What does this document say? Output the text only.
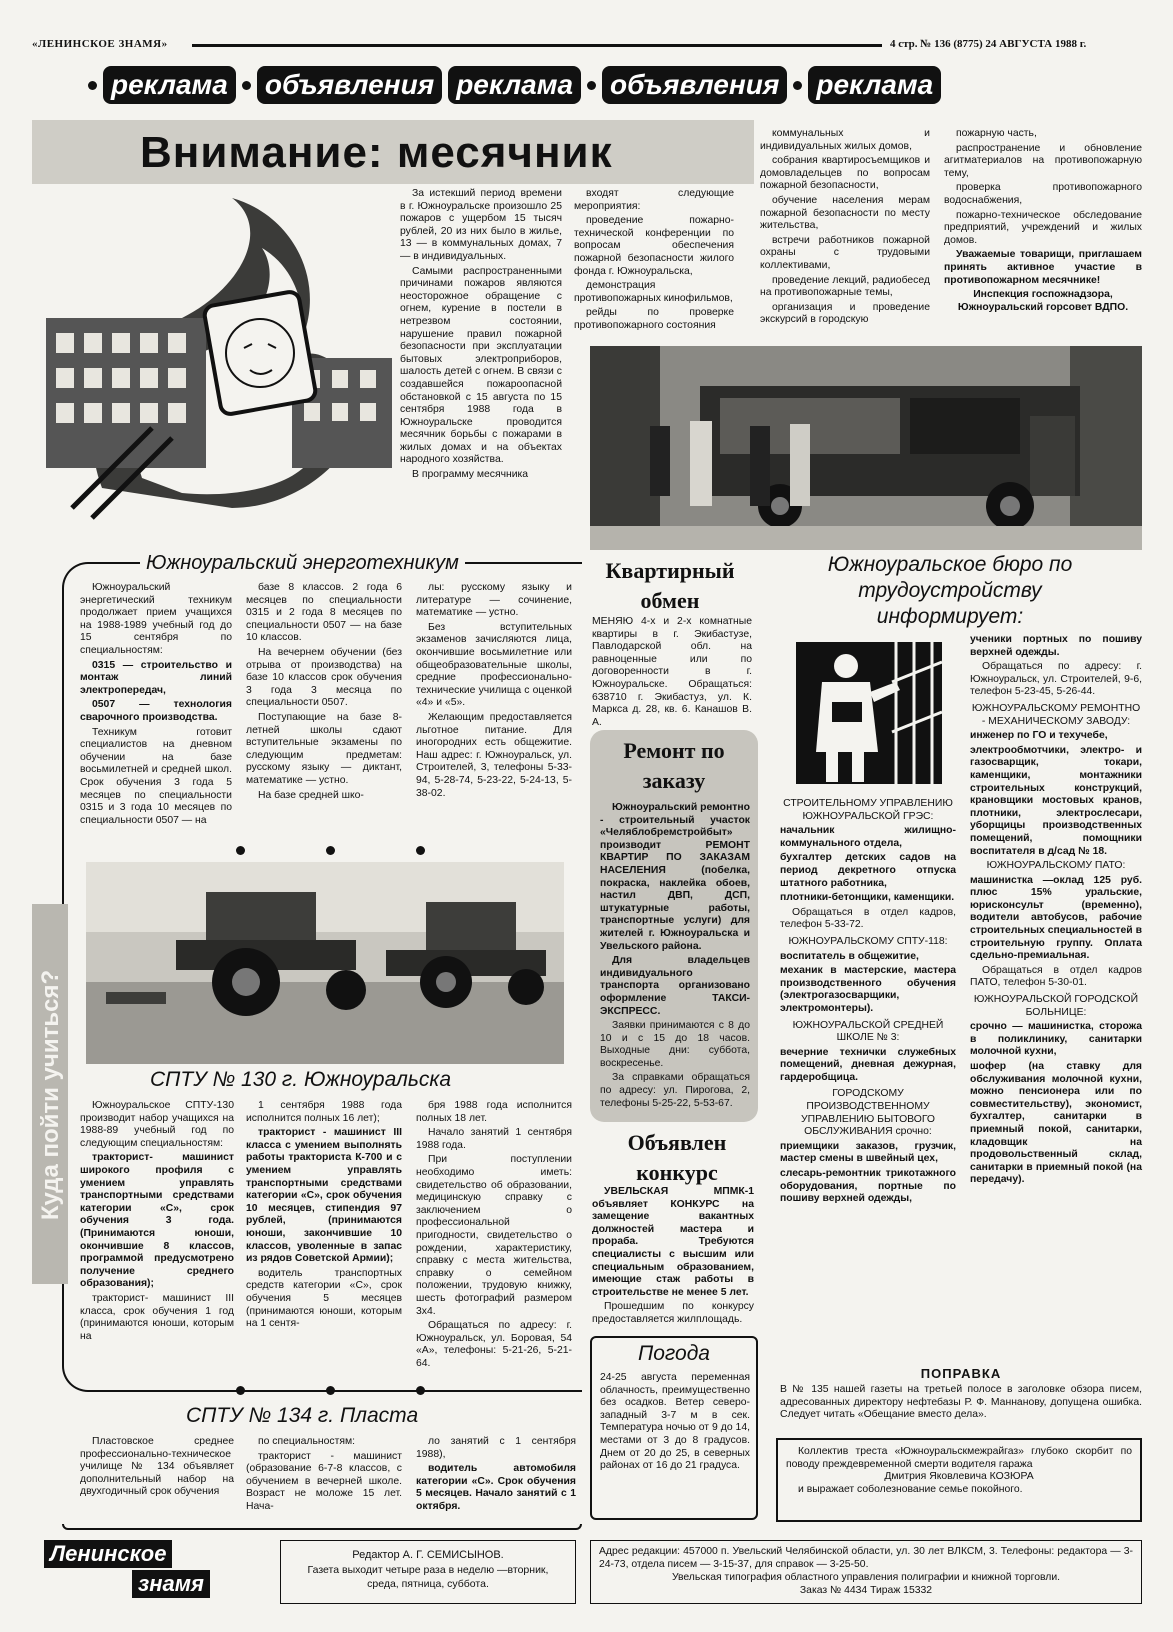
«ЛЕНИНСКОЕ ЗНАМЯ»	4 стр. № 136 (8775) 24 АВГУСТА 1988 г.
реклама объявления реклама объявления реклама
Внимание: месячник

За истекший период времени в г. Южноуральске произошло 25 пожаров с ущербом 15 тысяч рублей, 20 из них было в жилье, 13 — в коммунальных домах, 7 — в индивидуальных.

Самыми распространенными причинами пожаров являются неосторожное обращение с огнем, курение в постели в нетрезвом состоянии, нарушение правил пожарной безопасности при эксплуатации бытовых электроприборов, шалость детей с огнем. В связи с создавшейся пожароопасной обстановкой с 15 августа по 15 сентября 1988 года в Южноуральске проводится месячник борьбы с пожарами в жилых домах и на объектах народного хозяйства.

В программу месячника

входят следующие мероприятия:

проведение пожарно-технической конференции по вопросам обеспечения пожарной безопасности жилого фонда г. Южноуральска,

демонстрация противопожарных кинофильмов,

рейды по проверке противопожарного состояния

коммунальных и индивидуальных жилых домов,

собрания квартиросъемщиков и домовладельцев по вопросам пожарной безопасности,

обучение населения мерам пожарной безопасности по месту жительства,

встречи работников пожарной охраны с трудовыми коллективами,

проведение лекций, радиобесед на противопожарные темы,

организация и проведение экскурсий в городскую

пожарную часть,

распространение и обновление агитматериалов на противопожарную тему,

проверка противопожарного водоснабжения,

пожарно-техническое обследование предприятий, учреждений и жилых домов.

Уважаемые товарищи, приглашаем принять активное участие в противопожарном месячнике!

Инспекция госпожнадзора, Южноуральский горсовет ВДПО.

Южноуральский энерготехникум

Южноуральский энергетический техникум продолжает прием учащихся на 1988-1989 учебный год до 15 сентября по специальностям:

0315 — строительство и монтаж линий электропередач,

0507 — технология сварочного производства.

Техникум готовит специалистов на дневном обучении на базе восьмилетней и средней школ. Срок обучения 3 года 5 месяцев по специальности 0315 и 3 года 10 месяцев по специальности 0507 — на

базе 8 классов. 2 года 6 месяцев по специальности 0315 и 2 года 8 месяцев по специальности 0507 — на базе 10 классов.

На вечернем обучении (без отрыва от производства) на базе 10 классов срок обучения 3 года 3 месяца по специальности 0507.

Поступающие на базе 8-летней школы сдают вступительные экзамены по следующим предметам: русскому языку — диктант, математике — устно.

На базе средней шко-

лы: русскому языку и литературе — сочинение, математике — устно.

Без вступительных экзаменов зачисляются лица, окончившие восьмилетние или общеобразовательные школы, средние профессионально-технические училища с оценкой «4» и «5».

Желающим предоставляется льготное питание. Для иногородних есть общежитие. Наш адрес: г. Южноуральск, ул. Строителей, 3, телефоны 5-33-94, 5-28-74, 5-23-22, 5-24-13, 5-38-02.

Куда пойти учиться?	СПТУ № 130 г. Южноуральска

Южноуральское СПТУ-130 производит набор учащихся на 1988-89 учебный год по следующим специальностям:

тракторист- машинист широкого профиля с умением управлять транспортными средствами категории «С», срок обучения 3 года. (Принимаются юноши, окончившие 8 классов, программой предусмотрено получение среднего образования);

тракторист- машинист III класса, срок обучения 1 год (принимаются юноши, которым на

1 сентября 1988 года исполнится полных 16 лет);

тракторист - машинист III класса с умением выполнять работы тракториста К-700 и с умением управлять транспортными средствами категории «С», срок обучения 10 месяцев, стипендия 97 рублей, (принимаются юноши, закончившие 10 классов, уволенные в запас из рядов Советской Армии);

водитель транспортных средств категории «С», срок обучения 5 месяцев (принимаются юноши, которым на 1 сентя-

бря 1988 года исполнится полных 18 лет.

Начало занятий 1 сентября 1988 года.

При поступлении необходимо иметь: свидетельство об образовании, медицинскую справку с заключением о профессиональной пригодности, свидетельство о рождении, характеристику, справку с места жительства, справку о семейном положении, трудовую книжку, шесть фотографий размером 3х4.

Обращаться по адресу: г. Южноуральск, ул. Боровая, 54 «А», телефоны: 5-21-26, 5-21-64.

СПТУ № 134 г. Пласта

Пластовское среднее профессионально-техническое училище № 134 объявляет дополнительный набор на двухгодичный срок обучения

по специальностям:

тракторист - машинист (образование 6-7-8 классов, с обучением в вечерней школе. Возраст не моложе 15 лет. Нача-

ло занятий с 1 сентября 1988),

водитель автомобиля категории «С». Срок обучения 5 месяцев. Начало занятий с 1 октября.

Квартирный обмен
МЕНЯЮ 4-х и 2-х комнатные квартиры в г. Экибастузе, Павлодарской обл. на равноценные или по договоренности в г. Южноуральске. Обращаться: 638710 г. Экибастуз, ул. К. Маркса д. 28, кв. 6. Канашов В. А.
Ремонт по заказу

Южноуральский ремонтно - строительный участок «Челяблобремстройбыт» производит РЕМОНТ КВАРТИР ПО ЗАКАЗАМ НАСЕЛЕНИЯ (побелка, покраска, наклейка обоев, настил ДВП, ДСП, штукатурные работы, транспортные услуги) для жителей г. Южноуральска и Увельского района.

Для владельцев индивидуального транспорта организовано оформление ТАКСИ-ЭКСПРЕСС.

Заявки принимаются с 8 до 10 и с 15 до 18 часов. Выходные дни: суббота, воскресенье.

За справками обращаться по адресу: ул. Пирогова, 2, телефоны 5-25-22, 5-53-67.

Объявлен конкурс

УВЕЛЬСКАЯ МПМК-1 объявляет КОНКУРС на замещение вакантных должностей мастера и прораба. Требуются специалисты с высшим или специальным образованием, имеющие стаж работы в строительстве не менее 5 лет.

Прошедшим по конкурсу предоставляется жилплощадь.

Погода
24-25 августа переменная облачность, преимущественно без осадков. Ветер северо-западный 3-7 м в сек. Температура ночью от 9 до 14, местами от 3 до 8 градусов. Днем от 20 до 25, в северных районах от 16 до 21 градуса.
Южноуральское бюро по трудоустройству информирует:
СТРОИТЕЛЬНОМУ УПРАВЛЕНИЮ ЮЖНОУРАЛЬСКОЙ ГРЭС:
начальник жилищно-коммунального отдела,
бухгалтер детских садов на период декретного отпуска штатного работника,
плотники-бетонщики, каменщики.
Обращаться в отдел кадров, телефон 5-33-72.
ЮЖНОУРАЛЬСКОМУ СПТУ-118:
воспитатель в общежитие,
механик в мастерские, мастера производственного обучения (электрогазосварщики, электромонтеры).
ЮЖНОУРАЛЬСКОЙ СРЕДНЕЙ ШКОЛЕ № 3:
вечерние технички служебных помещений, дневная дежурная, гардеробщица.
ГОРОДСКОМУ ПРОИЗВОДСТВЕННОМУ УПРАВЛЕНИЮ БЫТОВОГО ОБСЛУЖИВАНИЯ срочно:
приемщики заказов, грузчик, мастер смены в швейный цех,
слесарь-ремонтник трикотажного оборудования, портные по пошиву верхней одежды,
ученики портных по пошиву верхней одежды.
Обращаться по адресу: г. Южноуральск, ул. Строителей, 9-6, телефон 5-23-45, 5-26-44.
ЮЖНОУРАЛЬСКОМУ РЕМОНТНО - МЕХАНИЧЕСКОМУ ЗАВОДУ:
инженер по ГО и техучебе,
электрообмотчики, электро- и газосварщик, токари, каменщики, монтажники строительных конструкций, крановщики мостовых кранов, плотники, электрослесари, уборщицы производственных помещений, помощники воспитателя в д/сад № 18.
ЮЖНОУРАЛЬСКОМУ ПАТО:
машинистка —оклад 125 руб. плюс 15% уральские, юрисконсульт (временно), водители автобусов, рабочие строительных специальностей в строительную группу. Оплата сдельно-премиальная.
Обращаться в отдел кадров ПАТО, телефон 5-30-01.
ЮЖНОУРАЛЬСКОЙ ГОРОДСКОЙ БОЛЬНИЦЕ:
срочно — машинистка, сторожа в поликлинику, санитарки молочной кухни,
шофер (на ставку для обслуживания молочной кухни, можно пенсионера или по совместительству), экономист, бухгалтер, санитарки в приемный покой, санитарки, кладовщик на продовольственный склад, санитарки в приемный покой (на передачу).
ПОПРАВКА
В № 135 нашей газеты на третьей полосе в заголовке обзора писем, адресованных директору нефтебазы Р. Ф. Маннанову, допущена ошибка. Следует читать «Обещание вместо дела».
Коллектив треста «Южноуральскмежрайгаз» глубоко скорбит по поводу преждевременной смерти водителя гаража
Дмитрия Яковлевича КОЗЮРА
и выражает соболезнование семье покойного.
Ленинское знамя
Редактор А. Г. СЕМИСЫНОВ.
Газета выходит четыре раза в неделю —вторник, среда, пятница, суббота.
Адрес редакции: 457000 п. Увельский Челябинской области, ул. 30 лет ВЛКСМ, 3. Телефоны: редактора — 3-24-73, отдела писем — 3-15-37, для справок — 3-25-50.
Увельская типография областного управления полиграфии и книжной торговли.
Заказ № 4434 Тираж 15332
